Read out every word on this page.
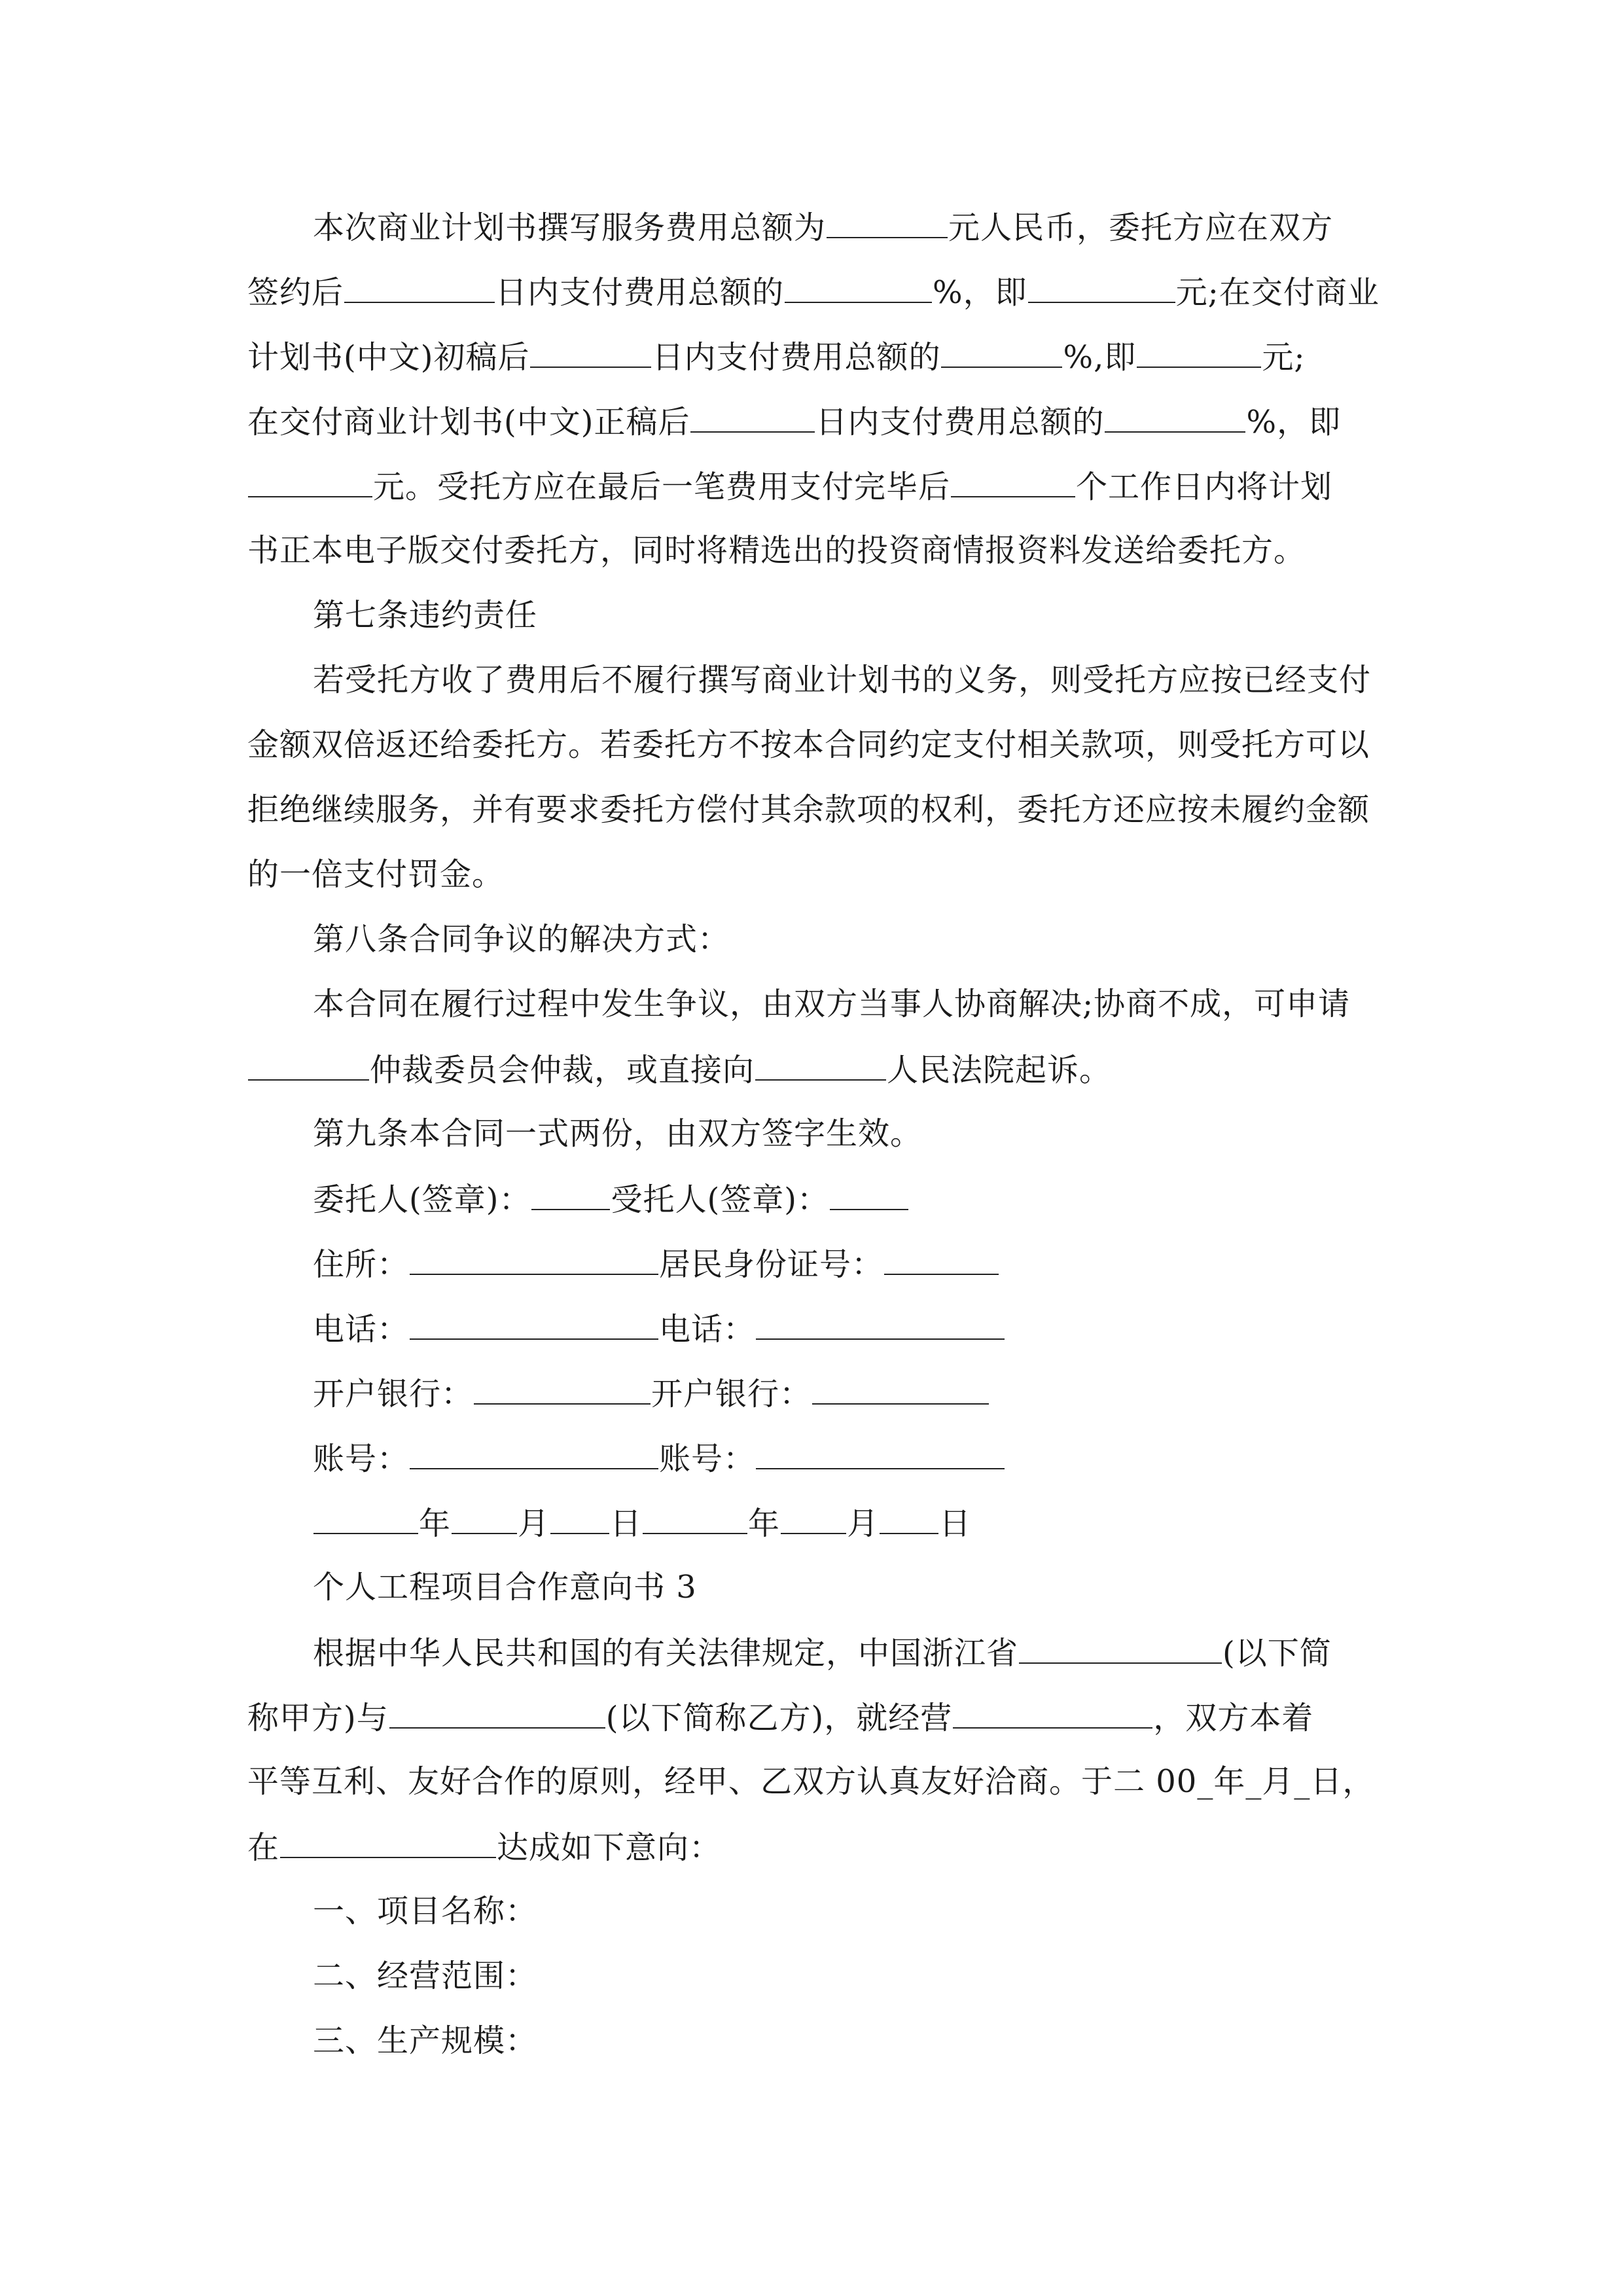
本次商业计划书撰写服务费用总额为	元人民币，委托方应在双方
签约后	日内支付费用总额的	%，即	元;在交付商业
计划书(中文)初稿后	日内支付费用总额的	%,即	元;
在交付商业计划书(中文)正稿后	日内支付费用总额的	%，即
元。受托方应在最后一笔费用支付完毕后	个工作日内将计划
书正本电子版交付委托方，同时将精选出的投资商情报资料发送给委托方。
第七条违约责任
若受托方收了费用后不履行撰写商业计划书的义务，则受托方应按已经支付
金额双倍返还给委托方。若委托方不按本合同约定支付相关款项，则受托方可以
拒绝继续服务，并有要求委托方偿付其余款项的权利，委托方还应按未履约金额
的一倍支付罚金。
第八条合同争议的解决方式：
本合同在履行过程中发生争议，由双方当事人协商解决;协商不成，可申请
仲裁委员会仲裁，或直接向	人民法院起诉。
第九条本合同一式两份，由双方签字生效。
委托人(签章)：	受托人(签章)：
住所：	居民身份证号：
电话：	电话：
开户银行：	开户银行：
账号：	账号：
年 月 日	年 月 日
个人工程项目合作意向书 3
根据中华人民共和国的有关法律规定，中国浙江省	(以下简
称甲方)与	(以下简称乙方)，就经营	，双方本着
平等互利、友好合作的原则，经甲、乙双方认真友好洽商。于二 00_年_月_日，
在	达成如下意向：
一、项目名称：
二、经营范围：
三、生产规模：
